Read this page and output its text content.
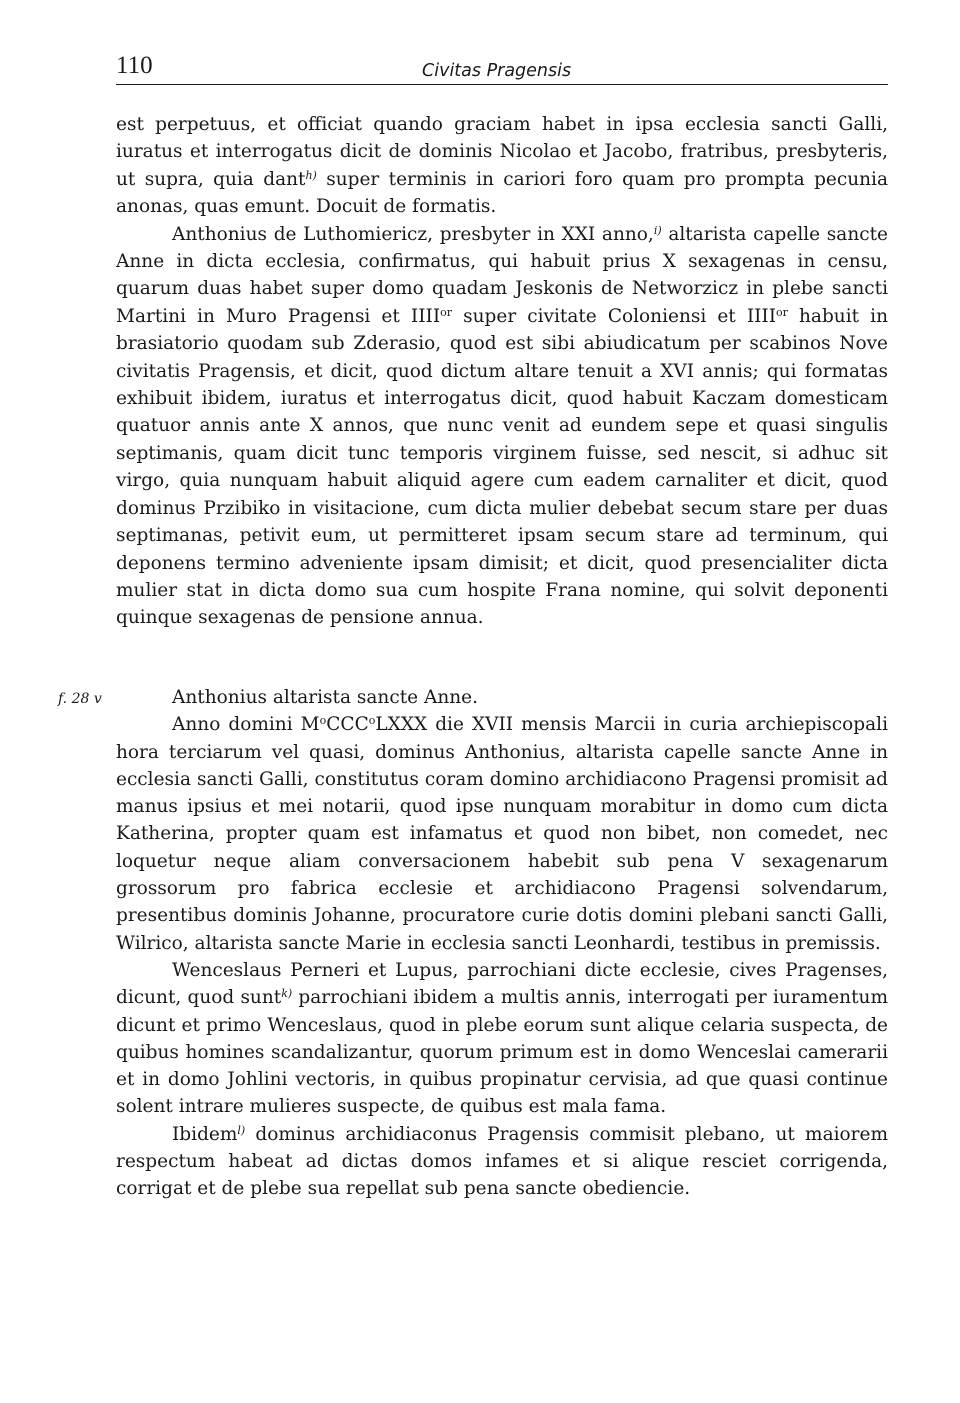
110	Civitas Pragensis

est perpetuus, et officiat quando graciam habet in ipsa ecclesia sancti Galli, iuratus et interrogatus dicit de dominis Nicolao et Jacobo, fratribus, presbyteris, ut supra, quia dant$^{h)}$ super terminis in cariori foro quam pro prompta pecunia anonas, quas emunt. Docuit de formatis.

Anthonius de Luthomiericz, presbyter in XXI anno,$^{i)}$ altarista capelle sancte Anne in dicta ecclesia, confirmatus, qui habuit prius X sexagenas in censu, quarum duas habet super domo quadam Jeskonis de Networzicz in plebe sancti Martini in Muro Pragensi et $IIII^{or}$ super civitate Coloniensi et $IIII^{or}$ habuit in brasiatorio quodam sub Zderasio, quod est sibi abiudicatum per scabinos Nove civitatis Pragensis, et dicit, quod dictum altare tenuit a XVI annis; qui formatas exhibuit ibidem, iuratus et interrogatus dicit, quod habuit Kaczam domesticam quatuor annis ante X annos, que nunc venit ad eundem sepe et quasi singulis septimanis, quam dicit tunc temporis virginem fuisse, sed nescit, si adhuc sit virgo, quia nunquam habuit aliquid agere cum eadem carnaliter et dicit, quod dominus Przibiko in visitacione, cum dicta mulier debebat secum stare per duas septimanas, petivit eum, ut permitteret ipsam secum stare ad terminum, qui deponens termino adveniente ipsam dimisit; et dicit, quod presencialiter dicta mulier stat in dicta domo sua cum hospite Frana nomine, qui solvit deponenti quinque sexagenas de pensione annua.

f. 28 v	Anthonius altarista sancte Anne.

Anno domini $M^oCCC^oLXXX$ die XVII mensis Marcii in curia archiepiscopali hora terciarum vel quasi, dominus Anthonius, altarista capelle sancte Anne in ecclesia sancti Galli, constitutus coram domino archidiacono Pragensi promisit ad manus ipsius et mei notarii, quod ipse nunquam morabitur in domo cum dicta Katherina, propter quam est infamatus et quod non bibet, non comedet, nec loquetur neque aliam conversacionem habebit sub pena V sexagenarum grossorum pro fabrica ecclesie et archidiacono Pragensi solvendarum, presentibus dominis Johanne, procuratore curie dotis domini plebani sancti Galli, Wilrico, altarista sancte Marie in ecclesia sancti Leonhardi, testibus in premissis.

Wenceslaus Perneri et Lupus, parrochiani dicte ecclesie, cives Pragenses, dicunt, quod sunt$^{k)}$ parrochiani ibidem a multis annis, interrogati per iuramentum dicunt et primo Wenceslaus, quod in plebe eorum sunt alique celaria suspecta, de quibus homines scandalizantur, quorum primum est in domo Wenceslai camerarii et in domo Johlini vectoris, in quibus propinatur cervisia, ad que quasi continue solent intrare mulieres suspecte, de quibus est mala fama.

Ibidem$^{l)}$ dominus archidiaconus Pragensis commisit plebano, ut maiorem respectum habeat ad dictas domos infames et si alique resciet corrigenda, corrigat et de plebe sua repellat sub pena sancte obediencie.
